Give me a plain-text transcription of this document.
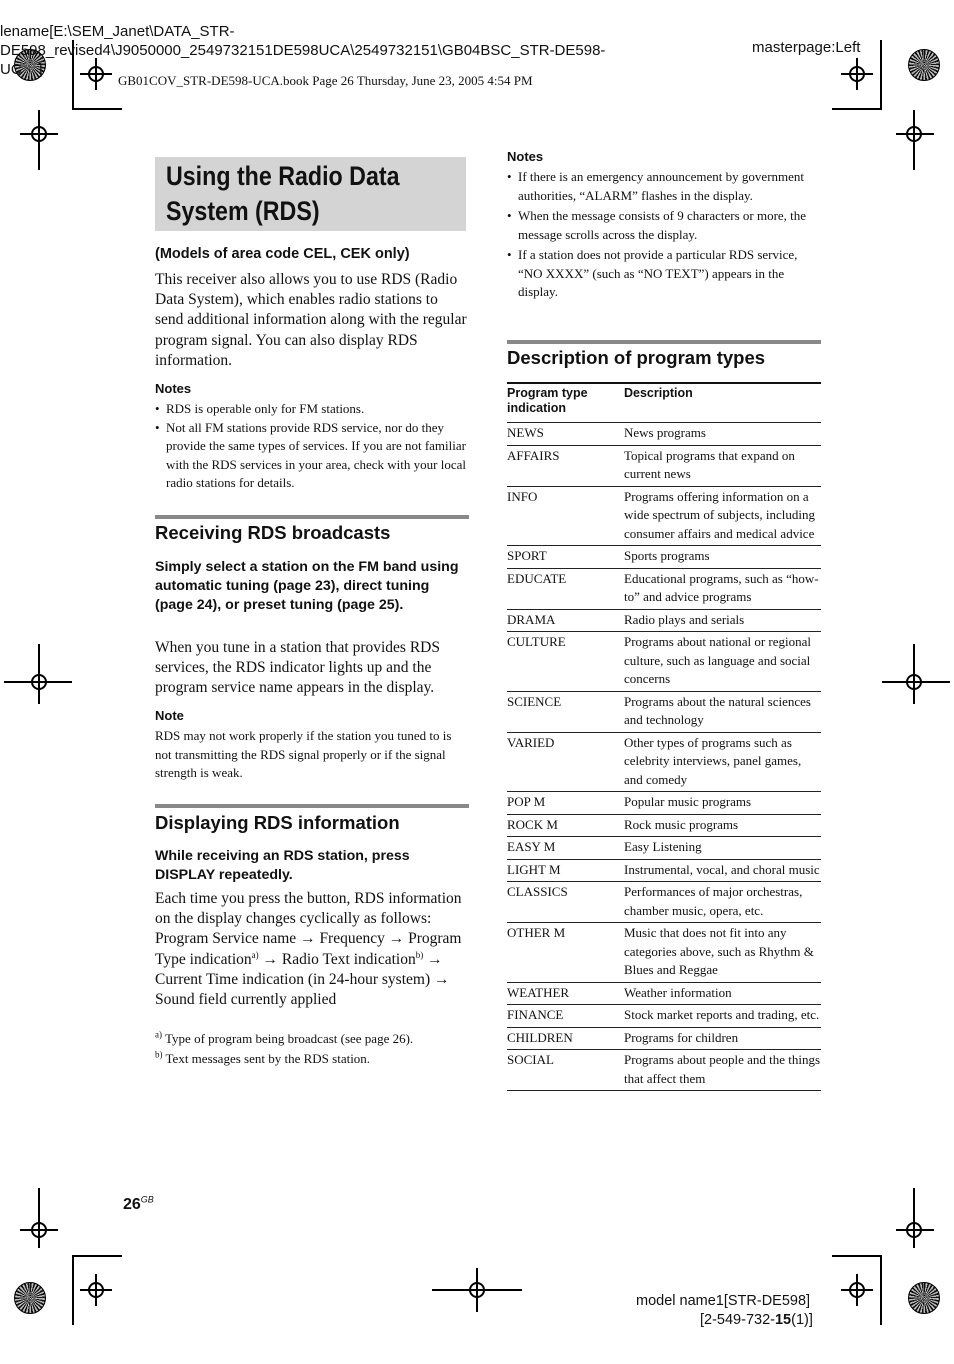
lename[E:\SEM_Janet\DATA_STR-
DE598_revised4\J9050000_2549732151DE598UCA\2549732151\GB04BSC_STR-DE598-
UC    ]
masterpage:Left
GB01COV_STR-DE598-UCA.book Page 26 Thursday, June 23, 2005 4:54 PM
Using the Radio Data System (RDS)
(Models of area code CEL, CEK only)
This receiver also allows you to use RDS (Radio Data System), which enables radio stations to send additional information along with the regular program signal. You can also display RDS information.
Notes
• RDS is operable only for FM stations.
• Not all FM stations provide RDS service, nor do they provide the same types of services. If you are not familiar with the RDS services in your area, check with your local radio stations for details.
Receiving RDS broadcasts
Simply select a station on the FM band using automatic tuning (page 23), direct tuning (page 24), or preset tuning (page 25).
When you tune in a station that provides RDS services, the RDS indicator lights up and the program service name appears in the display.
Note
RDS may not work properly if the station you tuned to is not transmitting the RDS signal properly or if the signal strength is weak.
Displaying RDS information
While receiving an RDS station, press DISPLAY repeatedly.
Each time you press the button, RDS information on the display changes cyclically as follows:
Program Service name → Frequency → Program Type indication$^{a)}$ → Radio Text indication$^{b)}$ → Current Time indication (in 24-hour system) → Sound field currently applied
$^{a)}$ Type of program being broadcast (see page 26).
$^{b)}$ Text messages sent by the RDS station.
Notes
• If there is an emergency announcement by government authorities, “ALARM” flashes in the display.
• When the message consists of 9 characters or more, the message scrolls across the display.
• If a station does not provide a particular RDS service, “NO XXXX” (such as “NO TEXT”) appears in the display.
Description of program types
Program type indication	Description
NEWS	News programs
AFFAIRS	Topical programs that expand on current news
INFO	Programs offering information on a wide spectrum of subjects, including consumer affairs and medical advice
SPORT	Sports programs
EDUCATE	Educational programs, such as “how-to” and advice programs
DRAMA	Radio plays and serials
CULTURE	Programs about national or regional culture, such as language and social concerns
SCIENCE	Programs about the natural sciences and technology
VARIED	Other types of programs such as celebrity interviews, panel games, and comedy
POP M	Popular music programs
ROCK M	Rock music programs
EASY M	Easy Listening
LIGHT M	Instrumental, vocal, and choral music
CLASSICS	Performances of major orchestras, chamber music, opera, etc.
OTHER M	Music that does not fit into any categories above, such as Rhythm & Blues and Reggae
WEATHER	Weather information
FINANCE	Stock market reports and trading, etc.
CHILDREN	Programs for children
SOCIAL	Programs about people and the things that affect them
$26^{GB}$
model name1[STR-DE598]
[2-549-732-15(1)]
